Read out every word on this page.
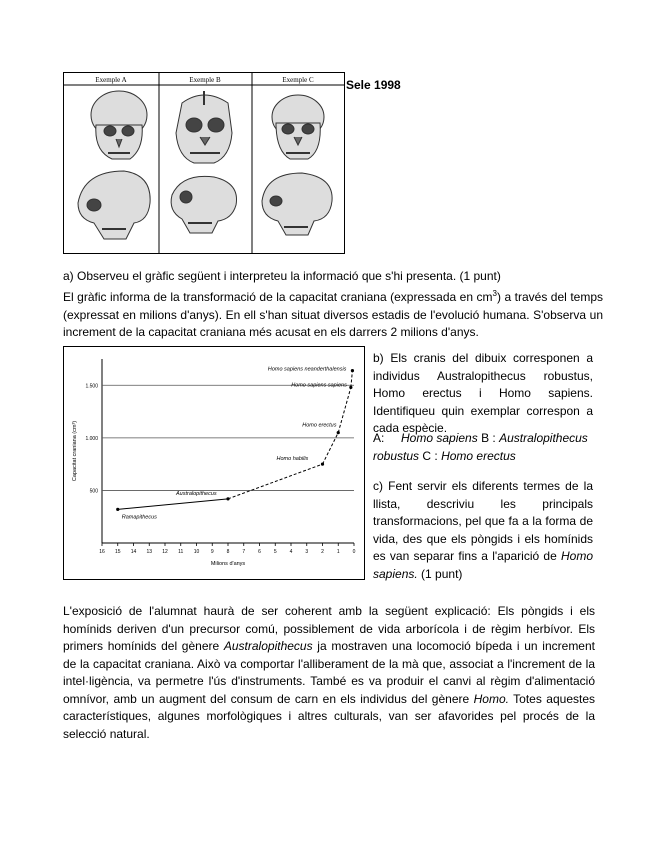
Exemple A	Exemple B	Exemple C	Sele 1998
a) Observeu el gràfic següent i interpreteu la informació que s'hi presenta. (1 punt)
El gràfic informa de la transformació de la capacitat craniana (expressada en $cm^3$) a través del temps (expressat en milions d'anys). En ell s'han situat diversos estadis de l'evolució humana. S'observa un increment de la capacitat craniana més acusat en els darrers 2 milions d'anys.
500
1.000
1.500
16 15 14 13 12 11 10 9	8	7	6	5	4	3	2	1	0
Milions d'anys
Capacitat craniana (cm³)
Ramapithecus
Australopithecus
Homo habilis
Homo erectus
Homo sapiens sapiens
Homo sapiens neanderthalensis
b) Els cranis del dibuix corresponen a individus Australopithecus robustus, Homo erectus i Homo sapiens. Identifiqueu quin exemplar correspon a cada espècie.
A: Homo sapiens B : Australopithecus robustus C : Homo erectus
c) Fent servir els diferents termes de la llista, descriviu les principals transformacions, pel que fa a la forma de vida, des que els pòngids i els homínids es van separar fins a l'aparició de Homo sapiens. (1 punt)
L'exposició de l'alumnat haurà de ser coherent amb la següent explicació: Els pòngids i els homínids deriven d'un precursor comú, possiblement de vida arborícola i de règim herbívor. Els primers homínids del gènere Australopithecus ja mostraven una locomoció bípeda i un increment de la capacitat craniana. Això va comportar l'alliberament de la mà que, associat a l'increment de la intel·ligència, va permetre l'ús d'instruments. També es va produir el canvi al règim d'alimentació omnívor, amb un augment del consum de carn en els individus del gènere Homo. Totes aquestes característiques, algunes morfològiques i altres culturals, van ser afavorides pel procés de la selecció natural.
